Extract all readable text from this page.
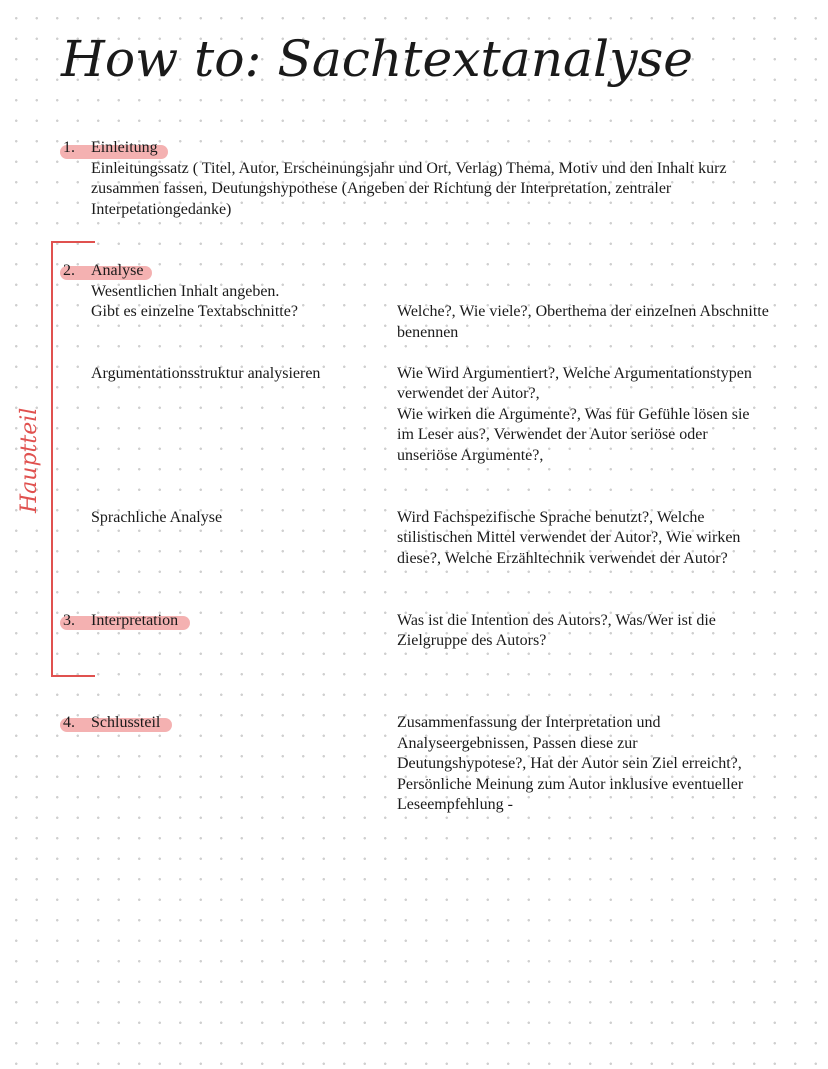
How to: Sachtextanalyse
Hauptteil
1. Einleitung
Einleitungssatz ( Titel, Autor, Erscheinungsjahr und Ort, Verlag) Thema, Motiv und den Inhalt kurz
zusammen fassen, Deutungshypothese (Angeben der Richtung der Interpretation, zentraler
Interpetationgedanke)
2. Analyse
Wesentlichen Inhalt angeben.
Gibt es einzelne Textabschnitte?	Welche?, Wie viele?, Oberthema der einzelnen Abschnitte
benennen
Argumentationsstruktur analysieren	Wie Wird Argumentiert?, Welche Argumentationstypen
verwendet der Autor?,
Wie wirken die Argumente?, Was für Gefühle lösen sie
im Leser aus?, Verwendet der Autor seriöse oder
unseriöse Argumente?,
Sprachliche Analyse	Wird Fachspezifische Sprache benutzt?, Welche
stilistischen Mittel verwendet der Autor?, Wie wirken
diese?, Welche Erzähltechnik verwendet der Autor?
3. Interpretation	Was ist die Intention des Autors?, Was/Wer ist die
Zielgruppe des Autors?
4. Schlussteil	Zusammenfassung der Interpretation und
Analyseergebnissen, Passen diese zur
Deutungshypotese?, Hat der Autor sein Ziel erreicht?,
Persönliche Meinung zum Autor inklusive eventueller
Leseempfehlung -
